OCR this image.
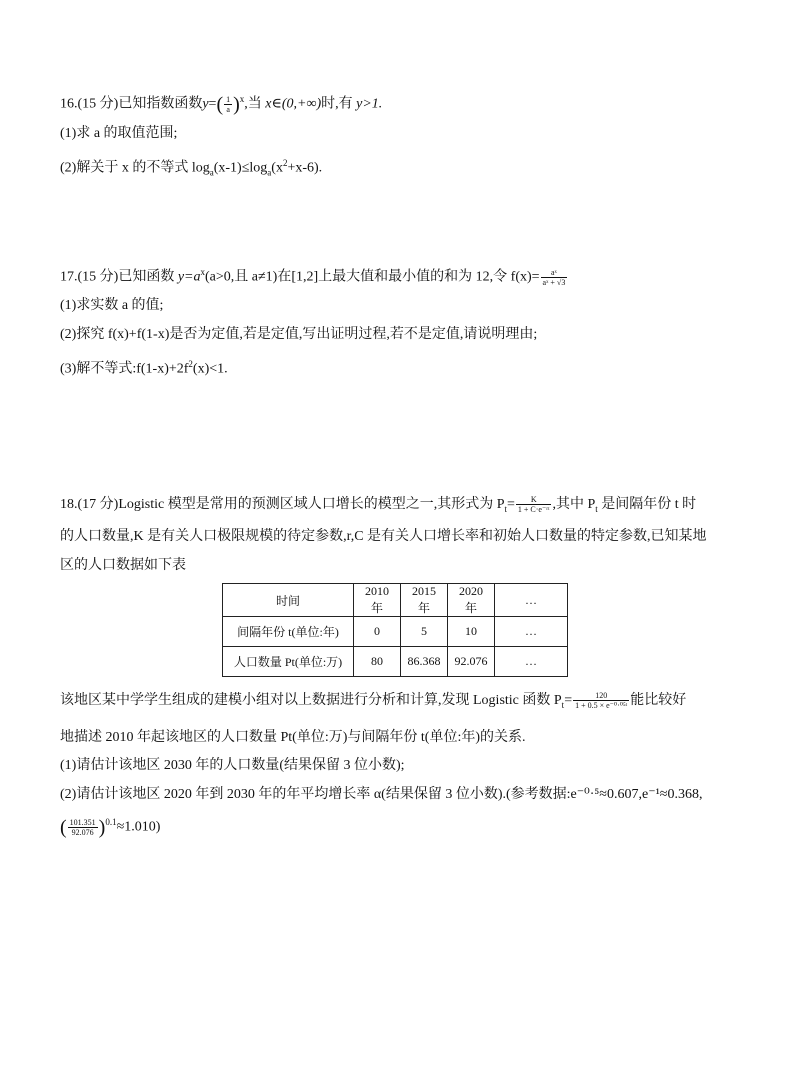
16.(15 分)已知指数函数$y=( \frac{1}{a} )^x$,当 x∈(0,+∞)时,有 y>1.
(1)求 a 的取值范围;
(2)解关于 x 的不等式 $\log_a(x-1)\le\log_a(x^2+x-6)$.
17.(15 分)已知函数 $y=a^x(a>0$,且 a≠1)在[1,2]上最大值和最小值的和为 12,令 $f(x)= \frac{\text{aˣ}}{\text{aˣ + √3}}$
(1)求实数 a 的值;
(2)探究 f(x)+f(1-x)是否为定值,若是定值,写出证明过程,若不是定值,请说明理由;
(3)解不等式$:f(1-x)+2f^2(x)<1$.
18.(17 分)Logistic 模型是常用的预测区域人口增长的模型之一,其形式为 $P_t= \frac{K}{\text{1 + C·e⁻ʳᵗ}}$ ,其中 $P_t$ 是间隔年份 t 时
的人口数量,K 是有关人口极限规模的待定参数,r,C 是有关人口增长率和初始人口数量的特定参数,已知某地
区的人口数据如下表
时间	2010 年	2015 年	2020 年	…
间隔年份 t(单位:年)	0	5	10	…
人口数量 Pt(单位:万)	80	86.368	92.076	…
该地区某中学学生组成的建模小组对以上数据进行分析和计算,发现 Logistic 函数 $P_t= \frac{120}{\text{1 + 0.5 × e⁻⁰·⁰⁵ᵗ}}$ 能比较好
地描述 2010 年起该地区的人口数量 Pt(单位:万)与间隔年份 t(单位:年)的关系.
(1)请估计该地区 2030 年的人口数量(结果保留 3 位小数);
(2)请估计该地区 2020 年到 2030 年的年平均增长率 α(结果保留 3 位小数).(参考数据:e⁻⁰·⁵≈0.607,e⁻¹≈0.368,
( $\frac{101.351}{92.076} )^{0.1}\approx 1.010$)
